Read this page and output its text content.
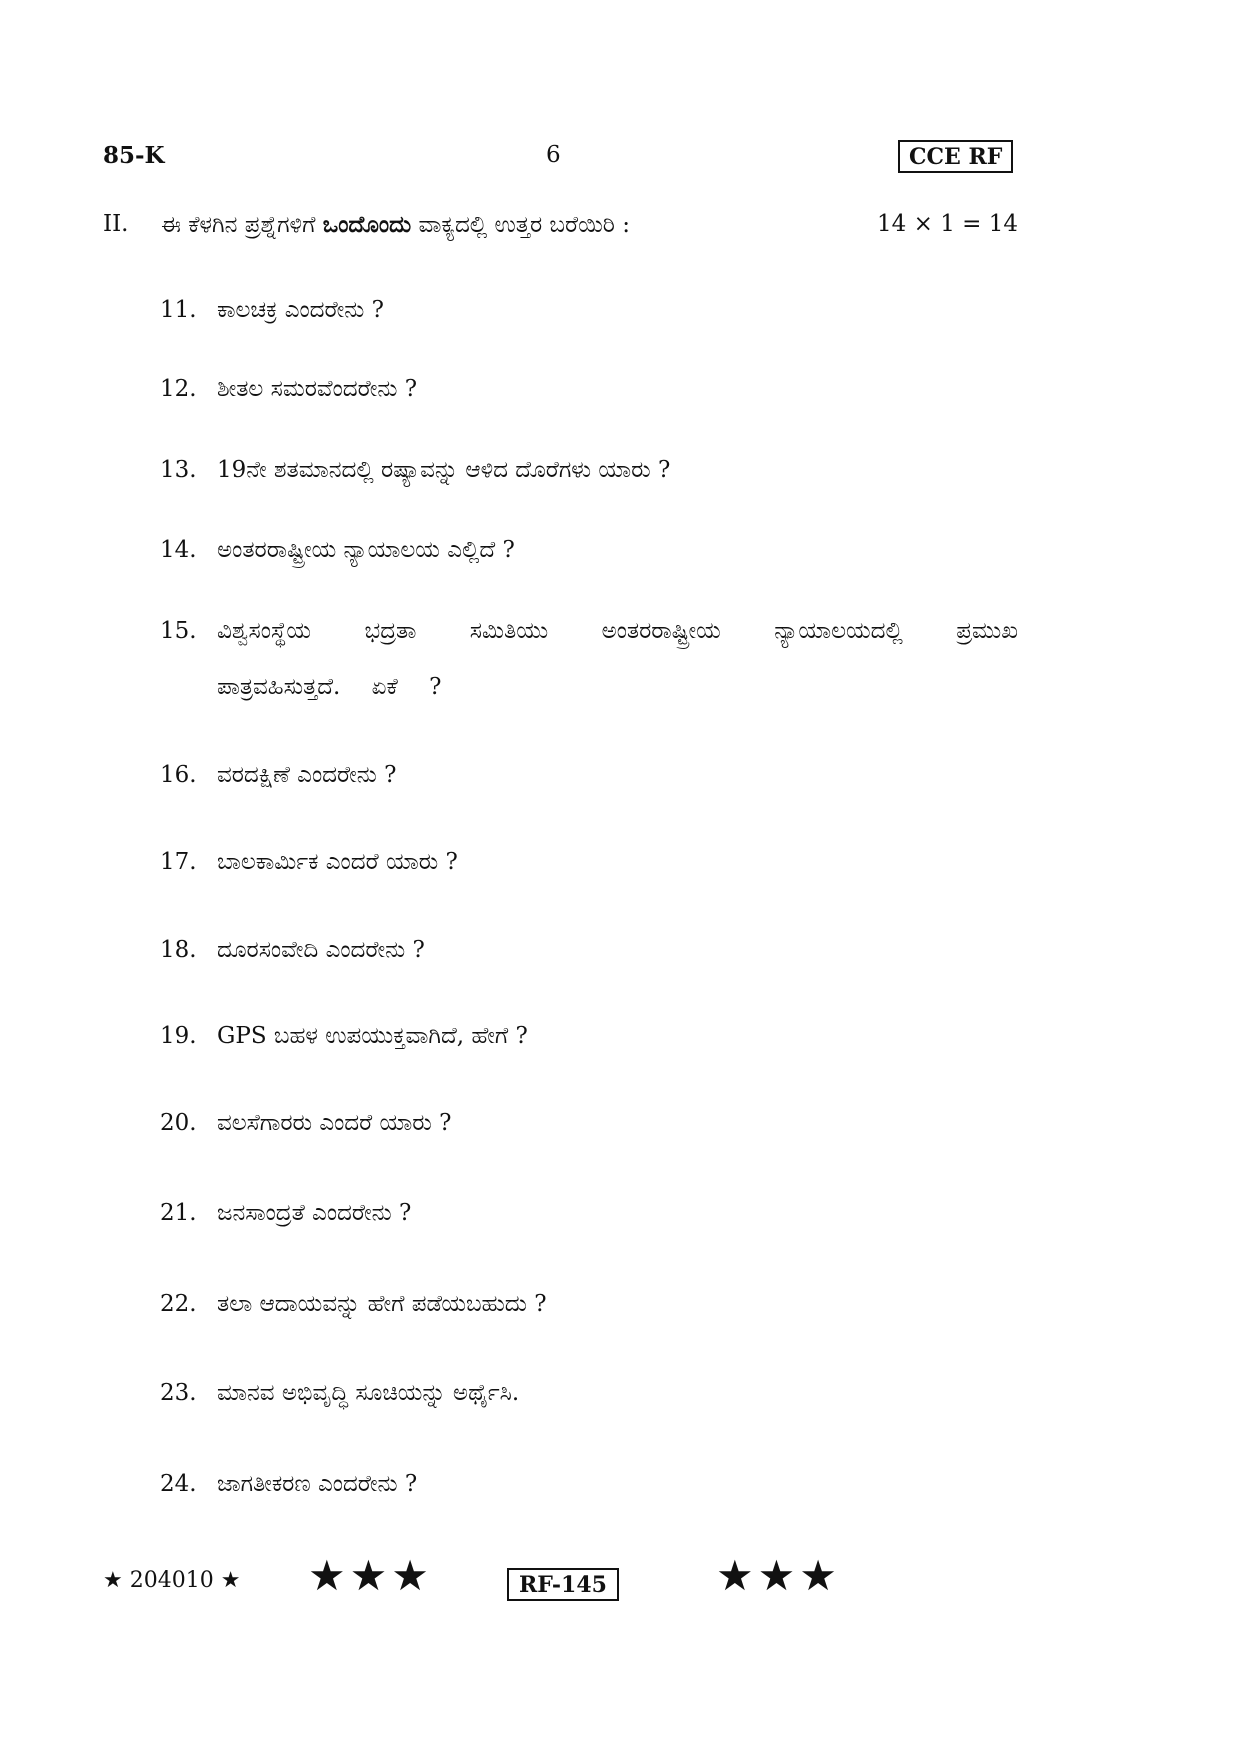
85-K	6	CCE RF
II. ಈ ಕೆಳಗಿನ ಪ್ರಶ್ನೆಗಳಿಗೆ ಒಂದೊಂದು ವಾಕ್ಯದಲ್ಲಿ ಉತ್ತರ ಬರೆಯಿರಿ :	14 × 1 = 14
11. ಕಾಲಚಕ್ರ ಎಂದರೇನು ?
12. ಶೀತಲ ಸಮರವೆಂದರೇನು ?
13. 19ನೇ ಶತಮಾನದಲ್ಲಿ ರಷ್ಯಾವನ್ನು ಆಳಿದ ದೊರೆಗಳು ಯಾರು ?
14. ಅಂತರರಾಷ್ಟ್ರೀಯ ನ್ಯಾಯಾಲಯ ಎಲ್ಲಿದೆ ?
15. ವಿಶ್ವಸಂಸ್ಥೆಯ ಭದ್ರತಾ ಸಮಿತಿಯು ಅಂತರರಾಷ್ಟ್ರೀಯ ನ್ಯಾಯಾಲಯದಲ್ಲಿ ಪ್ರಮುಖ ಪಾತ್ರವಹಿಸುತ್ತದೆ. ಏಕೆ ?
16. ವರದಕ್ಷಿಣೆ ಎಂದರೇನು ?
17. ಬಾಲಕಾರ್ಮಿಕ ಎಂದರೆ ಯಾರು ?
18. ದೂರಸಂವೇದಿ ಎಂದರೇನು ?
19. GPS ಬಹಳ ಉಪಯುಕ್ತವಾಗಿದೆ, ಹೇಗೆ ?
20. ವಲಸೆಗಾರರು ಎಂದರೆ ಯಾರು ?
21. ಜನಸಾಂದ್ರತೆ ಎಂದರೇನು ?
22. ತಲಾ ಆದಾಯವನ್ನು ಹೇಗೆ ಪಡೆಯಬಹುದು ?
23. ಮಾನವ ಅಭಿವೃದ್ಧಿ ಸೂಚಿಯನ್ನು ಅರ್ಥೈಸಿ.
24. ಜಾಗತೀಕರಣ ಎಂದರೇನು ?
★ 204010 ★ ★★★	RF-145	★★★
